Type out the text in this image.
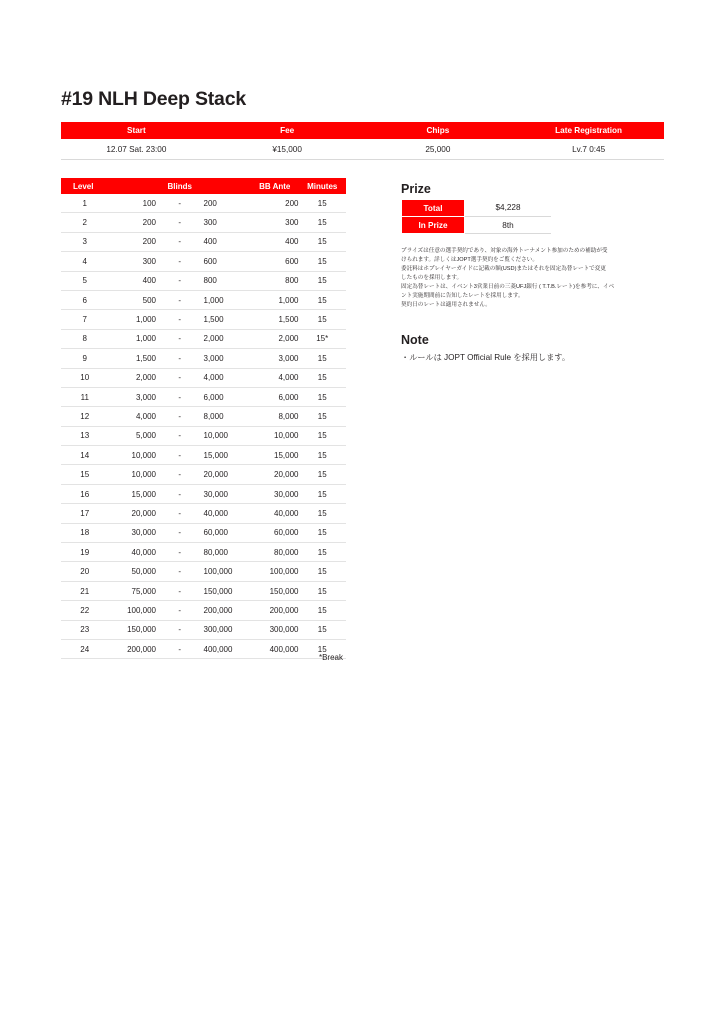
#19 NLH Deep Stack
Start	Fee	Chips	Late Registration
12.07 Sat. 23:00	¥15,000	25,000	Lv.7 0:45
Level	Blinds			BB Ante	Minutes
1	100	-	200	200	15
2	200	-	300	300	15
3	200	-	400	400	15
4	300	-	600	600	15
5	400	-	800	800	15
6	500	-	1,000	1,000	15
7	1,000	-	1,500	1,500	15
8	1,000	-	2,000	2,000	15*
9	1,500	-	3,000	3,000	15
10	2,000	-	4,000	4,000	15
11	3,000	-	6,000	6,000	15
12	4,000	-	8,000	8,000	15
13	5,000	-	10,000	10,000	15
14	10,000	-	15,000	15,000	15
15	10,000	-	20,000	20,000	15
16	15,000	-	30,000	30,000	15
17	20,000	-	40,000	40,000	15
18	30,000	-	60,000	60,000	15
19	40,000	-	80,000	80,000	15
20	50,000	-	100,000	100,000	15
21	75,000	-	150,000	150,000	15
22	100,000	-	200,000	200,000	15
23	150,000	-	300,000	300,000	15
24	200,000	-	400,000	400,000	15
*Break
Prize
Total	$4,228
In Prize	8th
プライズは任意の選手契約であり、対象の海外トーナメント参加のための補助が受
けられます。詳しくはJOPT選手契約をご覧ください。
委託料はホプレイヤーガイドに記載の額(USD)またはそれを固定為替レートで変更
したものを採用します。
固定為替レートは、イベント3営業日前の三菱UFJ銀行 ( T.T.B.レート)を参考に、イベ
ント実施期間前に告知したレートを採用します。
契約日のレートは適用されません。
Note
・ルールは JOPT Official Rule を採用します。
